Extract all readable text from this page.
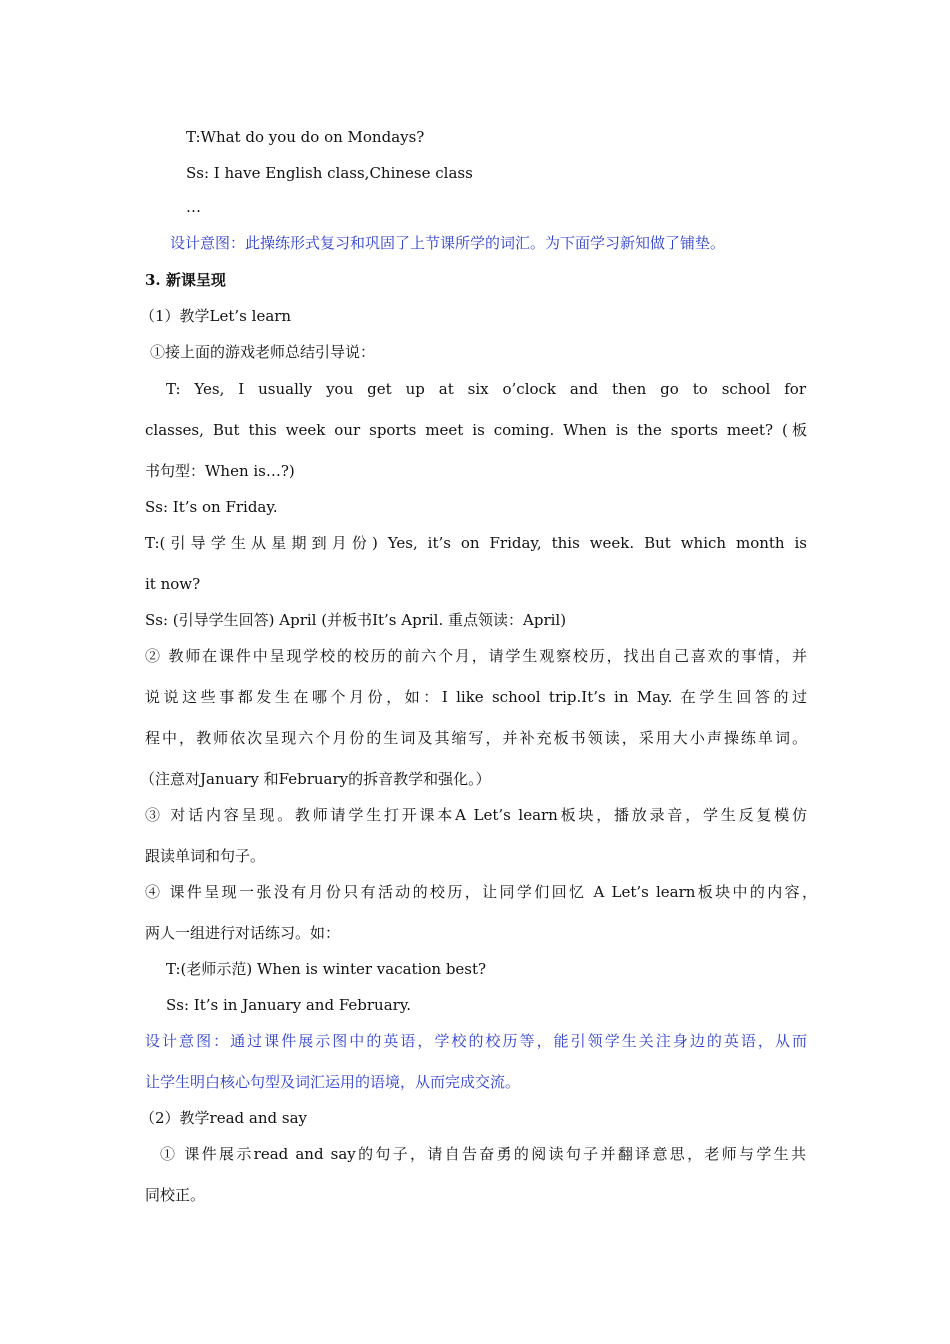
T:What do you do on Mondays?
Ss: I have English class,Chinese class
…
设计意图：此操练形式复习和巩固了上节课所学的词汇。为下面学习新知做了铺垫。
3. 新课呈现
（1）教学Let’s learn
①接上面的游戏老师总结引导说：
T: Yes, I usually you get up at six o’clock and then go to school for
classes, But this week our sports meet is coming. When is the sports meet? (板
书句型：When is…?)
Ss: It’s on Friday.
T:(引导学生从星期到月份) Yes, it’s on Friday, this week. But which month is
it now?
Ss: (引导学生回答) April (并板书It’s April. 重点领读：April)
② 教师在课件中呈现学校的校历的前六个月，请学生观察校历，找出自己喜欢的事情，并
说说这些事都发生在哪个月份，如：I like school trip.It’s in May. 在学生回答的过
程中，教师依次呈现六个月份的生词及其缩写，并补充板书领读，采用大小声操练单词。
（注意对January 和February的拆音教学和强化。）
③ 对话内容呈现。教师请学生打开课本A Let’s learn板块，播放录音，学生反复模仿
跟读单词和句子。
④ 课件呈现一张没有月份只有活动的校历，让同学们回忆 A Let’s learn板块中的内容，
两人一组进行对话练习。如：
T:(老师示范) When is winter vacation best?
Ss: It’s in January and February.
设计意图：通过课件展示图中的英语，学校的校历等，能引领学生关注身边的英语，从而
让学生明白核心句型及词汇运用的语境，从而完成交流。
（2）教学read and say
① 课件展示read and say的句子，请自告奋勇的阅读句子并翻译意思，老师与学生共
同校正。
